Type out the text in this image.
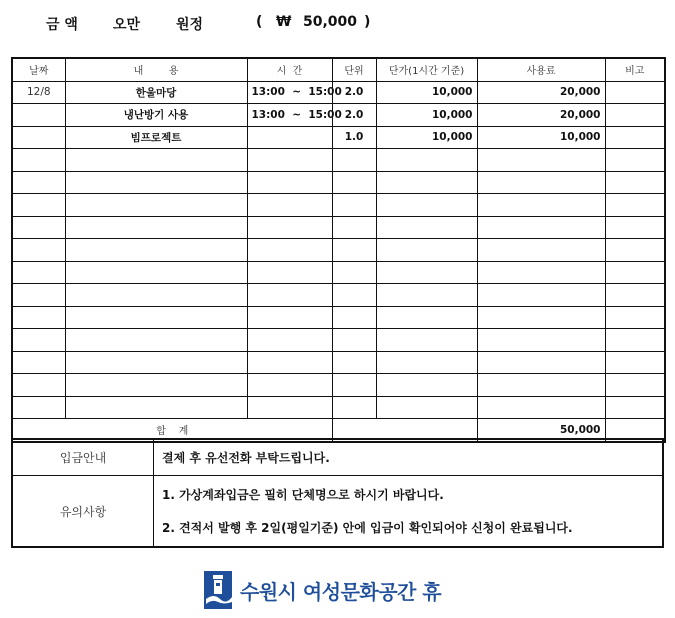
금 액	오만	원정	( ₩ 50,000 )
날짜	내        용	시  간	단위	단가(1시간 기준)	사용료	비고
12/8	한울마당	13:00  ~  15:00	2.0	10,000	20,000	
	냉난방기 사용	13:00  ~  15:00	2.0	10,000	20,000	
	빔프로젝트		1.0	10,000	10,000	

합    계					50,000	
입금안내	결제 후 유선전화 부탁드립니다.
유의사항	1. 가상계좌입금은 필히 단체명으로 하시기 바랍니다.
2. 견적서 발행 후 2일(평일기준) 안에 입금이 확인되어야 신청이 완료됩니다.
수원시 여성문화공간 휴
